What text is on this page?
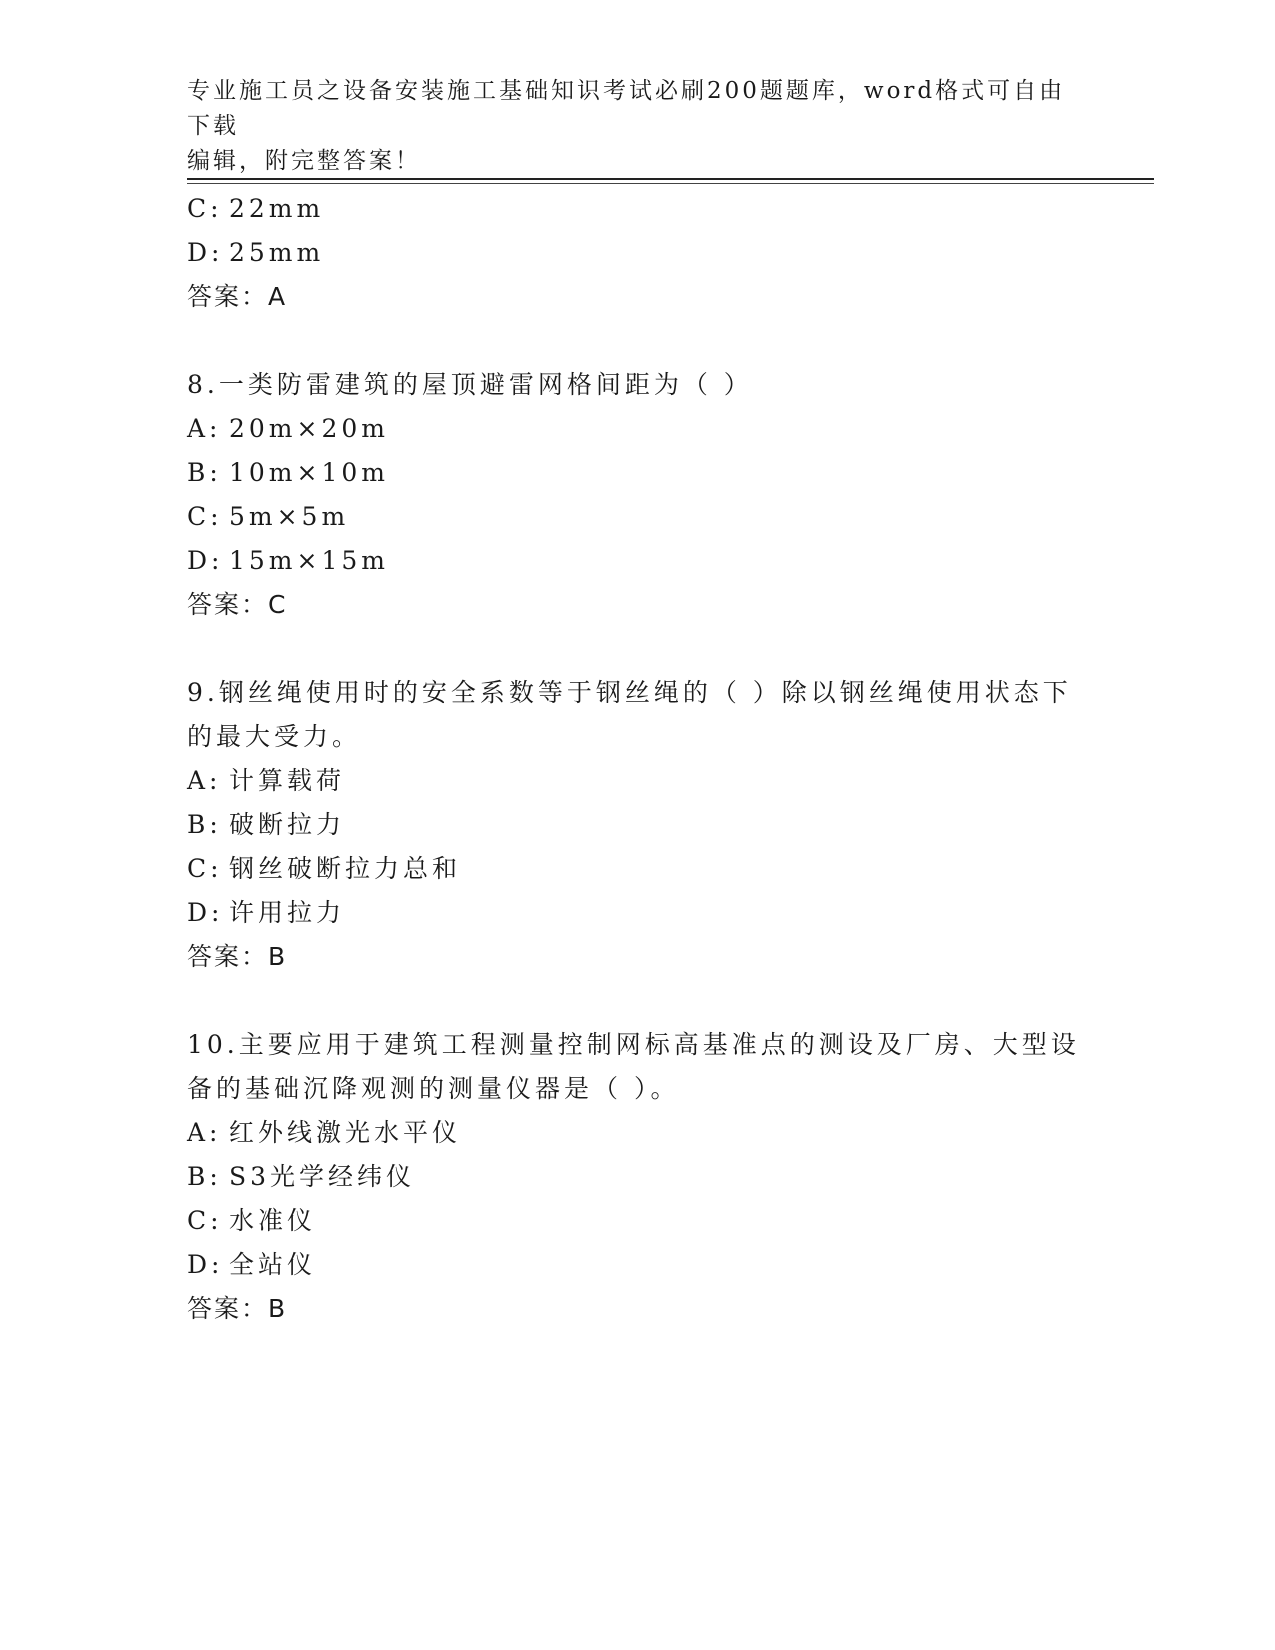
专业施工员之设备安装施工基础知识考试必刷200题题库，word格式可自由下载
编辑，附完整答案！
C: 22mm
D: 25mm
答案：A
8.一类防雷建筑的屋顶避雷网格间距为（ ）
A: 20m×20m
B: 10m×10m
C: 5m×5m
D: 15m×15m
答案：C
9.钢丝绳使用时的安全系数等于钢丝绳的（ ）除以钢丝绳使用状态下
的最大受力。
A: 计算载荷
B: 破断拉力
C: 钢丝破断拉力总和
D: 许用拉力
答案：B
10.主要应用于建筑工程测量控制网标高基准点的测设及厂房、大型设
备的基础沉降观测的测量仪器是（ ）。
A: 红外线激光水平仪
B: S3光学经纬仪
C: 水准仪
D: 全站仪
答案：B
